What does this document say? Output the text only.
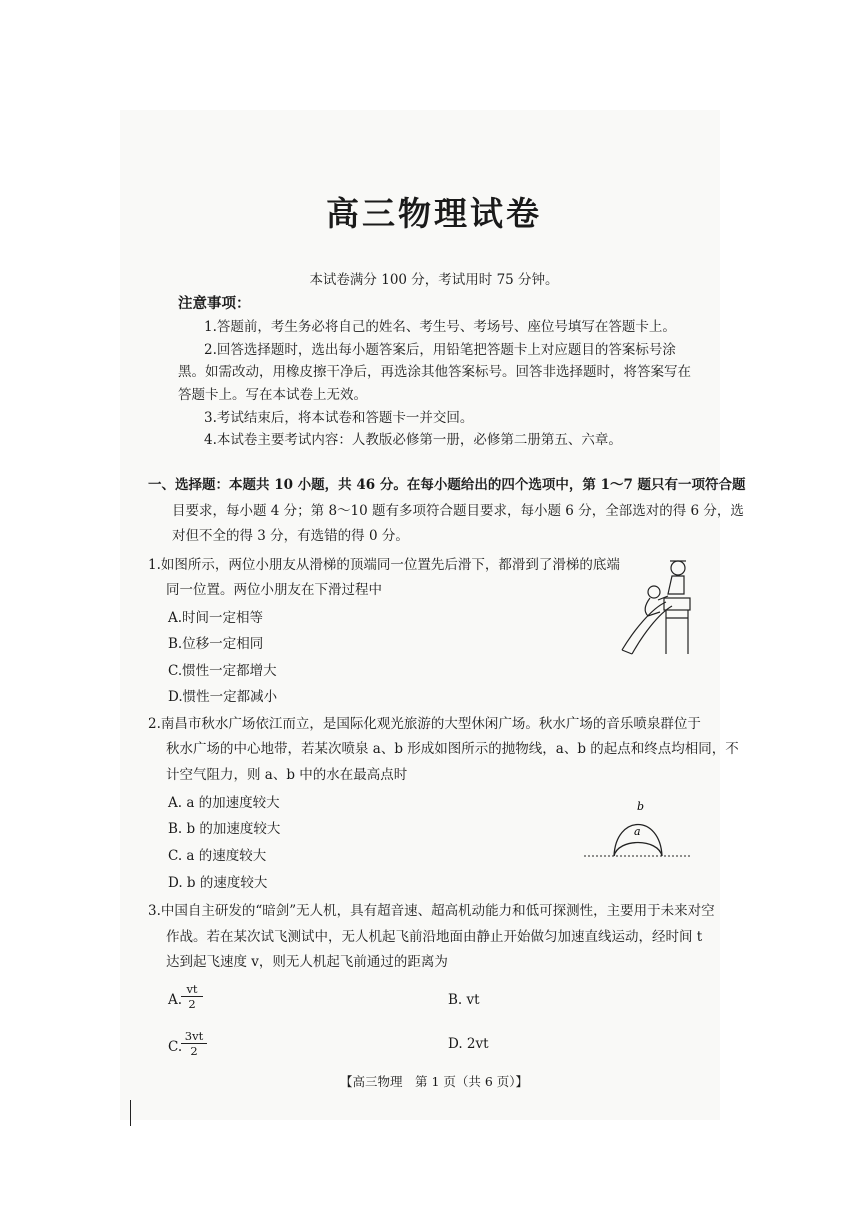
高三物理试卷
本试卷满分 100 分，考试用时 75 分钟。
注意事项：
1.答题前，考生务必将自己的姓名、考生号、考场号、座位号填写在答题卡上。
2.回答选择题时，选出每小题答案后，用铅笔把答题卡上对应题目的答案标号涂
黑。如需改动，用橡皮擦干净后，再选涂其他答案标号。回答非选择题时，将答案写在
答题卡上。写在本试卷上无效。
3.考试结束后，将本试卷和答题卡一并交回。
4.本试卷主要考试内容：人教版必修第一册，必修第二册第五、六章。
一、选择题：本题共 10 小题，共 46 分。在每小题给出的四个选项中，第 1～7 题只有一项符合题
目要求，每小题 4 分；第 8～10 题有多项符合题目要求，每小题 6 分，全部选对的得 6 分，选
对但不全的得 3 分，有选错的得 0 分。
1.如图所示，两位小朋友从滑梯的顶端同一位置先后滑下，都滑到了滑梯的底端
同一位置。两位小朋友在下滑过程中
A.时间一定相等
B.位移一定相同
C.惯性一定都增大
D.惯性一定都减小
2.南昌市秋水广场依江而立，是国际化观光旅游的大型休闲广场。秋水广场的音乐喷泉群位于
秋水广场的中心地带，若某次喷泉 a、b 形成如图所示的抛物线，a、b 的起点和终点均相同，不
计空气阻力，则 a、b 中的水在最高点时
A. a 的加速度较大
B. b 的加速度较大
C. a 的速度较大
D. b 的速度较大
b
a
3.中国自主研发的“暗剑”无人机，具有超音速、超高机动能力和低可探测性，主要用于未来对空
作战。若在某次试飞测试中，无人机起飞前沿地面由静止开始做匀加速直线运动，经时间 t
达到起飞速度 v，则无人机起飞前通过的距离为
A.
$\frac{vt}{2}$	B. vt
C.
$\frac{3vt}{2}$	D. 2vt
【高三物理　第 1 页（共 6 页）】
